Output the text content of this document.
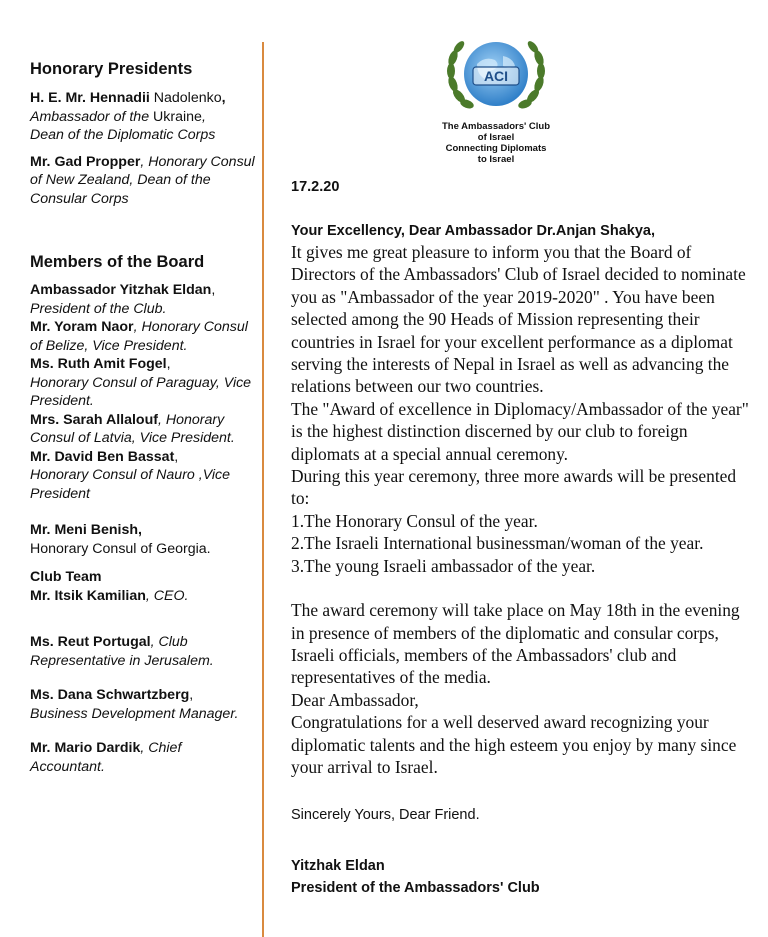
Honorary Presidents

H. E. Mr. Hennadii Nadolenko,
Ambassador of the Ukraine,
Dean of the Diplomatic Corps

Mr. Gad Propper, Honorary Consul of New Zealand, Dean of the Consular Corps

Members of the Board

Ambassador Yitzhak Eldan,
President of the Club.

Mr. Yoram Naor, Honorary Consul of Belize, Vice President.

Ms. Ruth Amit Fogel,
Honorary Consul of Paraguay, Vice President.

Mrs. Sarah Allalouf, Honorary Consul of Latvia, Vice President.

Mr. David Ben Bassat,
Honorary Consul of Nauro ,Vice President

Mr. Meni Benish,
Honorary Consul of Georgia.

Club Team
Mr. Itsik Kamilian, CEO.

Ms. Reut Portugal, Club Representative in Jerusalem.

Ms. Dana Schwartzberg,
Business Development Manager.

Mr. Mario Dardik, Chief Accountant.

ACI
The Ambassadors' Club
of Israel
Connecting Diplomats
to Israel

17.2.20

Your Excellency, Dear Ambassador Dr.Anjan Shakya,

It gives me great pleasure to inform you that the Board of Directors of the Ambassadors' Club of Israel decided to nominate you as "Ambassador of the year 2019-2020" . You have been selected among the 90 Heads of Mission representing their countries in Israel for your excellent performance as a diplomat serving the interests of Nepal in Israel as well as advancing the relations between our two countries.

The "Award of excellence in Diplomacy/Ambassador of the year" is the highest distinction discerned by our club to foreign diplomats at a special annual ceremony.

During this year ceremony, three more awards will be presented to:

1.The Honorary Consul of the year.

2.The Israeli International businessman/woman of the year.

3.The young Israeli ambassador of the year.

The award ceremony will take place on May 18th in the evening in presence of members of the diplomatic and consular corps, Israeli officials, members of the Ambassadors' club and representatives of the media.

Dear Ambassador,

Congratulations for a well deserved award recognizing your diplomatic talents and the high esteem you enjoy by many since your arrival to Israel.

Sincerely Yours, Dear Friend.

Yitzhak Eldan

President of the Ambassadors' Club
